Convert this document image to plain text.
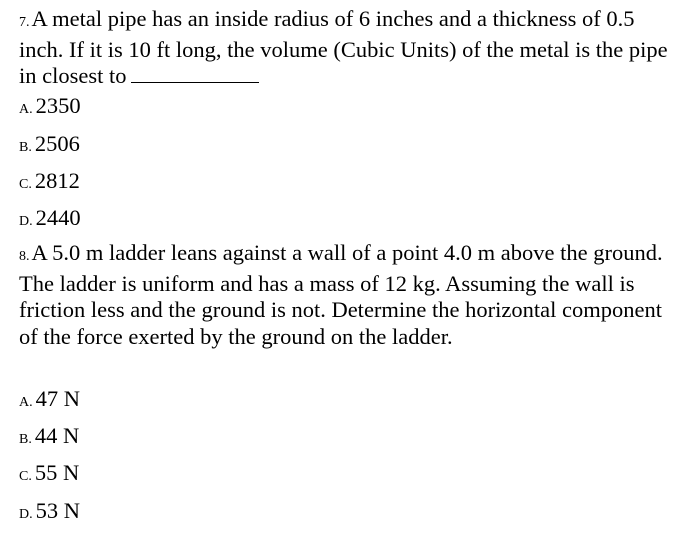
7.A metal pipe has an inside radius of 6 inches and a thickness of 0.5 inch. If it is 10 ft long, the volume (Cubic Units) of the metal is the pipe in closest to
A. 2350
B. 2506
C. 2812
D. 2440
8.A 5.0 m ladder leans against a wall of a point 4.0 m above the ground. The ladder is uniform and has a mass of 12 kg. Assuming the wall is friction less and the ground is not. Determine the horizontal component of the force exerted by the ground on the ladder.
A. 47 N
B. 44 N
C. 55 N
D. 53 N
